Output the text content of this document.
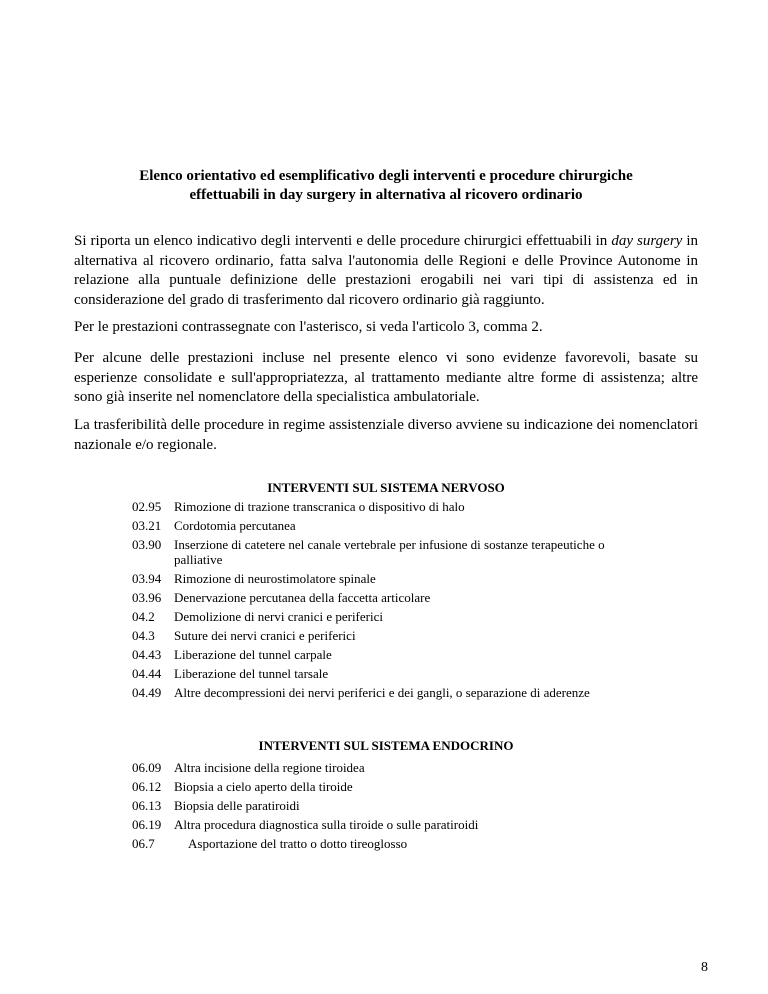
Elenco orientativo ed esemplificativo degli interventi e procedure chirurgiche
effettuabili in day surgery in alternativa al ricovero ordinario

Si riporta un elenco indicativo degli interventi e delle procedure chirurgici effettuabili in day surgery in alternativa al ricovero ordinario, fatta salva l'autonomia delle Regioni e delle Province Autonome in relazione alla puntuale definizione delle prestazioni erogabili nei vari tipi di assistenza ed in considerazione del grado di trasferimento dal ricovero ordinario già raggiunto.

Per le prestazioni contrassegnate con l'asterisco, si veda l'articolo 3, comma 2.

Per alcune delle prestazioni incluse nel presente elenco vi sono evidenze favorevoli, basate su esperienze consolidate e sull'appropriatezza, al trattamento mediante altre forme di assistenza; altre sono già inserite nel nomenclatore della specialistica ambulatoriale.

La trasferibilità delle procedure in regime assistenziale diverso avviene su indicazione dei nomenclatori nazionale e/o regionale.

INTERVENTI SUL SISTEMA NERVOSO
02.95 Rimozione di trazione transcranica o dispositivo di halo
03.21 Cordotomia percutanea
03.90 Inserzione di catetere nel canale vertebrale per infusione di sostanze terapeutiche o palliative
03.94 Rimozione di neurostimolatore spinale
03.96 Denervazione percutanea della faccetta articolare
04.2	Demolizione di nervi cranici e periferici
04.3	Suture dei nervi cranici e periferici
04.43 Liberazione del tunnel carpale
04.44 Liberazione del tunnel tarsale
04.49 Altre decompressioni dei nervi periferici e dei gangli, o separazione di aderenze
INTERVENTI SUL SISTEMA ENDOCRINO
06.09 Altra incisione della regione tiroidea
06.12 Biopsia a cielo aperto della tiroide
06.13 Biopsia delle paratiroidi
06.19 Altra procedura diagnostica sulla tiroide o sulle paratiroidi
06.7	Asportazione del tratto o dotto tireoglosso
8
